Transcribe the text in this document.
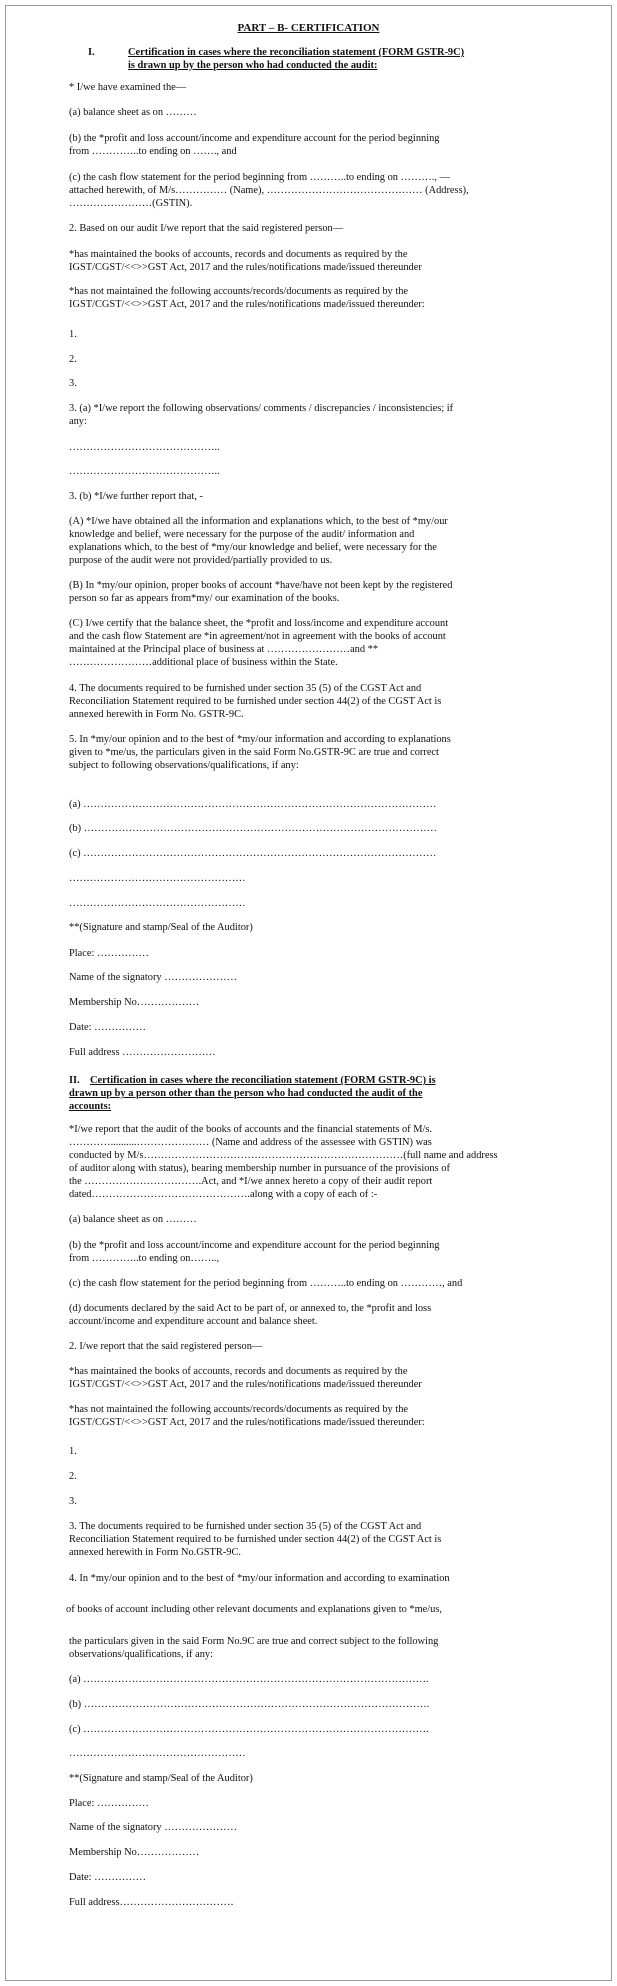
PART – B- CERTIFICATION
I.	Certification in cases where the reconciliation statement (FORM GSTR-9C)
is drawn up by the person who had conducted the audit:
* I/we have examined the—
(a) balance sheet as on ………
(b) the *profit and loss account/income and expenditure account for the period beginning
from …………..to ending on ……., and
(c) the cash flow statement for the period beginning from ………..to ending on ………., —
attached herewith, of M/s…………… (Name), ……………………………………… (Address),
……………………(GSTIN).
2. Based on our audit I/we report that the said registered person—
*has maintained the books of accounts, records and documents as required by the
IGST/CGST/<<>>GST Act, 2017 and the rules/notifications made/issued thereunder
*has not maintained the following accounts/records/documents as required by the
IGST/CGST/<<>>GST Act, 2017 and the rules/notifications made/issued thereunder:
1.
2.
3.
3. (a) *I/we report the following observations/ comments / discrepancies / inconsistencies; if
any:
……………………………………..
……………………………………..
3. (b) *I/we further report that, -
(A) *I/we have obtained all the information and explanations which, to the best of *my/our
knowledge and belief, were necessary for the purpose of the audit/ information and
explanations which, to the best of *my/our knowledge and belief, were necessary for the
purpose of the audit were not provided/partially provided to us.
(B) In *my/our opinion, proper books of account *have/have not been kept by the registered
person so far as appears from*my/ our examination of the books.
(C) I/we certify that the balance sheet, the *profit and loss/income and expenditure account
and the cash flow Statement are *in agreement/not in agreement with the books of account
maintained at the Principal place of business at ……………………and **
……………………additional place of business within the State.
4. The documents required to be furnished under section 35 (5) of the CGST Act and
Reconciliation Statement required to be furnished under section 44(2) of the CGST Act is
annexed herewith in Form No. GSTR-9C.
5. In *my/our opinion and to the best of *my/our information and according to explanations
given to *me/us, the particulars given in the said Form No.GSTR-9C are true and correct
subject to following observations/qualifications, if any:
(a) …………………………………………………………………………………………
(b) …………………………………………………………………………………………
(c) …………………………………………………………………………………………
……………………………………………
……………………………………………
**(Signature and stamp/Seal of the Auditor)
Place: ……………
Name of the signatory …………………
Membership No………………
Date: ……………
Full address ………………………
II. Certification in cases where the reconciliation statement (FORM GSTR-9C) is
drawn up by a person other than the person who had conducted the audit of the
accounts:
*I/we report that the audit of the books of accounts and the financial statements of M/s.
…………..........………………… (Name and address of the assessee with GSTIN) was
conducted by M/s…………………………………………………………………(full name and address
of auditor along with status), bearing membership number in pursuance of the provisions of
the …………………………….Act, and *I/we annex hereto a copy of their audit report
dated……………………………………….along with a copy of each of :-
(a) balance sheet as on ………
(b) the *profit and loss account/income and expenditure account for the period beginning
from …………..to ending on……..,
(c) the cash flow statement for the period beginning from ………..to ending on …………, and
(d) documents declared by the said Act to be part of, or annexed to, the *profit and loss
account/income and expenditure account and balance sheet.
2. I/we report that the said registered person—
*has maintained the books of accounts, records and documents as required by the
IGST/CGST/<<>>GST Act, 2017 and the rules/notifications made/issued thereunder
*has not maintained the following accounts/records/documents as required by the
IGST/CGST/<<>>GST Act, 2017 and the rules/notifications made/issued thereunder:
1.
2.
3.
3. The documents required to be furnished under section 35 (5) of the CGST Act and
Reconciliation Statement required to be furnished under section 44(2) of the CGST Act is
annexed herewith in Form No.GSTR-9C.
4. In *my/our opinion and to the best of *my/our information and according to examination
of books of account including other relevant documents and explanations given to *me/us,
the particulars given in the said Form No.9C are true and correct subject to the following
observations/qualifications, if any:
(a) ……………………………………………………………………………………….
(b) ……………………………………………………………………………………….
(c) ……………………………………………………………………………………….
……………………………………………
**(Signature and stamp/Seal of the Auditor)
Place: ……………
Name of the signatory …………………
Membership No………………
Date: ……………
Full address……………………………
